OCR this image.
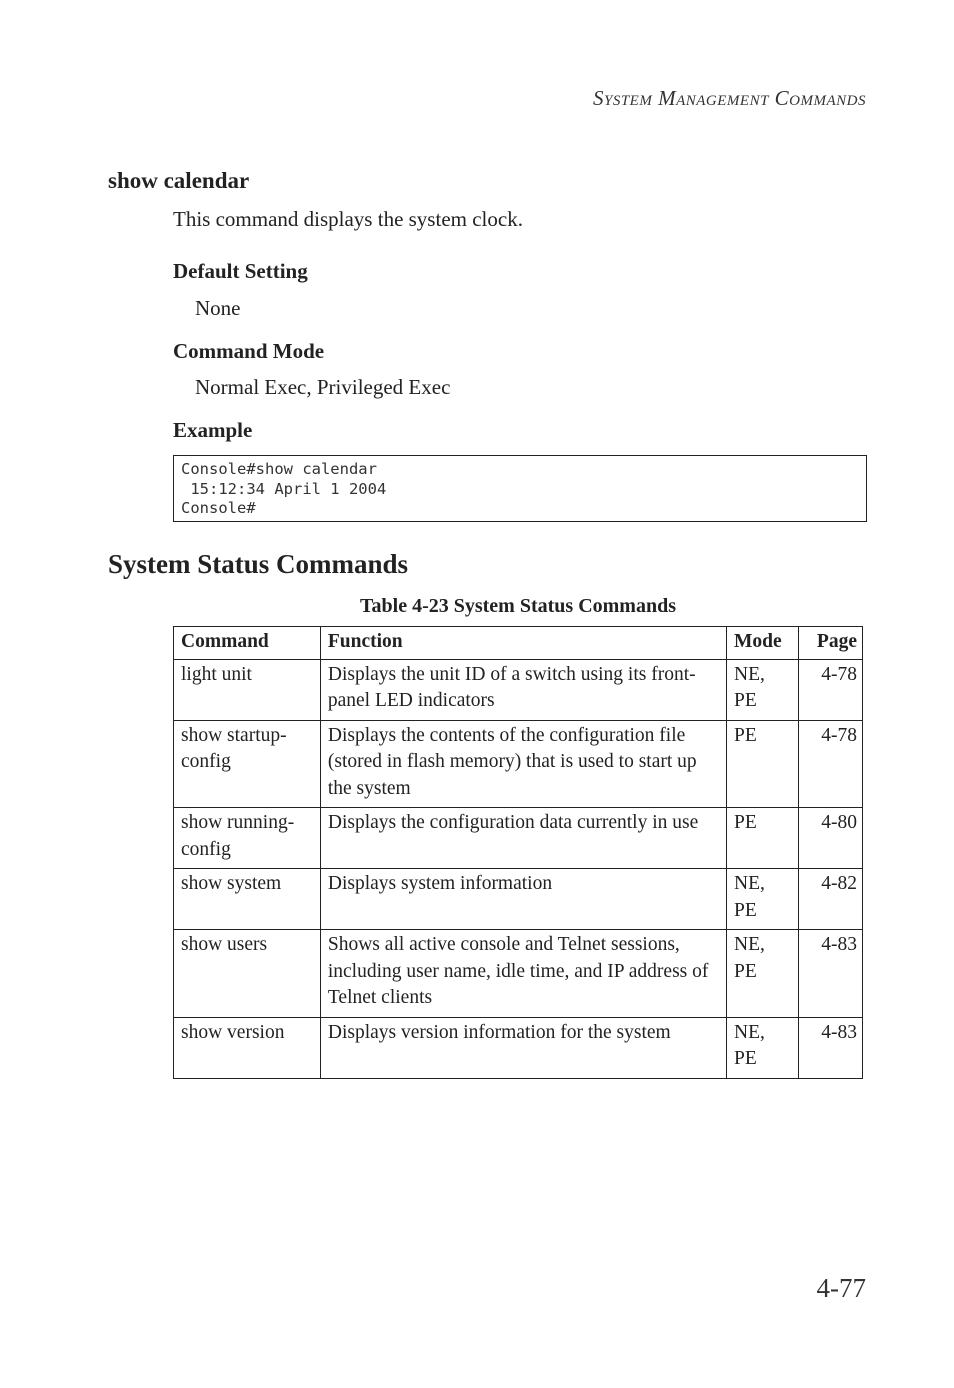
System Management Commands
show calendar
This command displays the system clock.
Default Setting
None
Command Mode
Normal Exec, Privileged Exec
Example
Console#show calendar
15:12:34 April 1 2004
Console#
System Status Commands
Table 4-23 System Status Commands
Command	Function	Mode	Page
light unit	Displays the unit ID of a switch using its front-panel LED indicators	NE, PE	4-78
show startup-config	Displays the contents of the configuration file (stored in flash memory) that is used to start up the system	PE	4-78
show running-config	Displays the configuration data currently in use	PE	4-80
show system	Displays system information	NE, PE	4-82
show users	Shows all active console and Telnet sessions, including user name, idle time, and IP address of Telnet clients	NE, PE	4-83
show version	Displays version information for the system	NE, PE	4-83
4-77
